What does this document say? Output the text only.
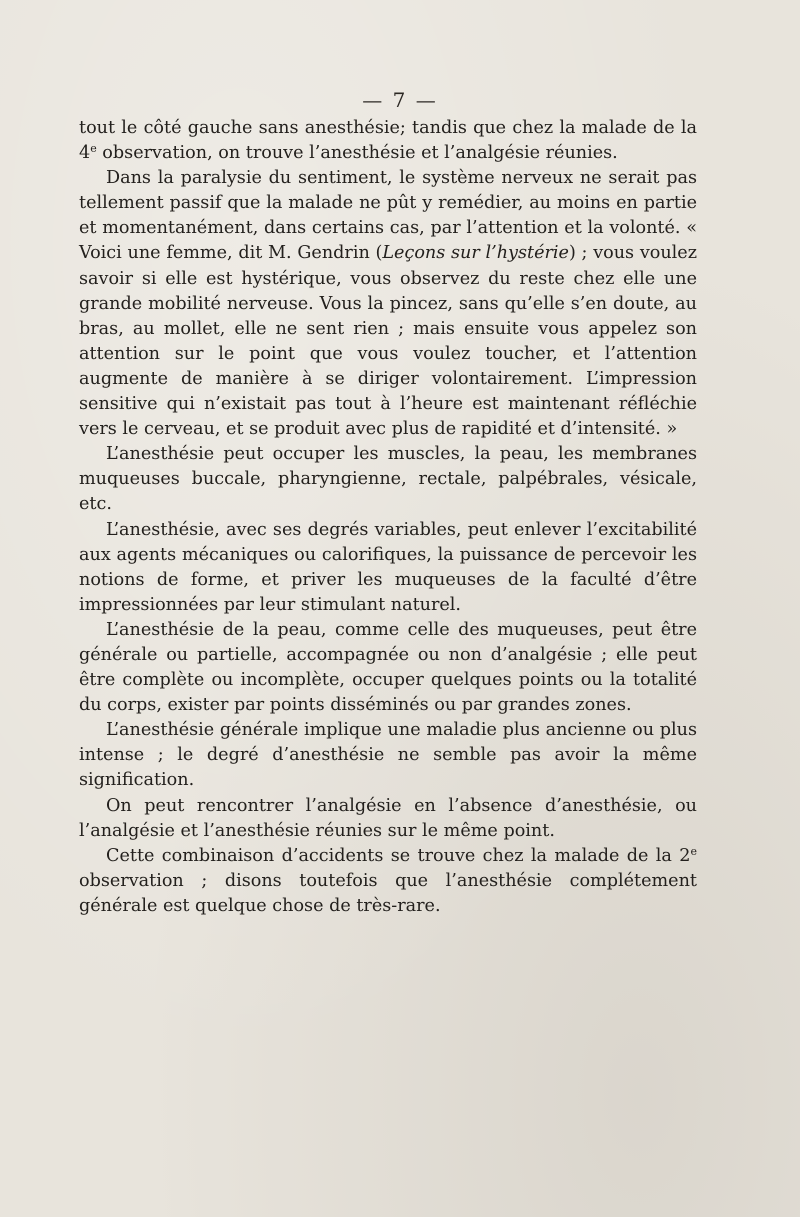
— 7 —

tout le côté gauche sans anesthésie; tandis que chez la malade de la 4e observation, on trouve l’anesthésie et l’analgésie réunies.

Dans la paralysie du sentiment, le système nerveux ne serait pas tellement passif que la malade ne pût y remédier, au moins en partie et momentanément, dans certains cas, par l’attention et la volonté. « Voici une femme, dit M. Gendrin (Leçons sur l’hystérie) ; vous voulez savoir si elle est hystérique, vous observez du reste chez elle une grande mobilité nerveuse. Vous la pincez, sans qu’elle s’en doute, au bras, au mollet, elle ne sent rien ; mais ensuite vous appelez son attention sur le point que vous voulez toucher, et l’attention augmente de manière à se diriger volontairement. L’impression sensitive qui n’existait pas tout à l’heure est maintenant réfléchie vers le cerveau, et se produit avec plus de rapidité et d’intensité. »

L’anesthésie peut occuper les muscles, la peau, les membranes muqueuses buccale, pharyngienne, rectale, palpébrales, vésicale, etc.

L’anesthésie, avec ses degrés variables, peut enlever l’excitabilité aux agents mécaniques ou calorifiques, la puissance de percevoir les notions de forme, et priver les muqueuses de la faculté d’être impressionnées par leur stimulant naturel.

L’anesthésie de la peau, comme celle des muqueuses, peut être générale ou partielle, accompagnée ou non d’analgésie ; elle peut être complète ou incomplète, occuper quelques points ou la totalité du corps, exister par points disséminés ou par grandes zones.

L’anesthésie générale implique une maladie plus ancienne ou plus intense ; le degré d’anesthésie ne semble pas avoir la même signification.

On peut rencontrer l’analgésie en l’absence d’anesthésie, ou l’analgésie et l’anesthésie réunies sur le même point.

Cette combinaison d’accidents se trouve chez la malade de la 2e observation ; disons toutefois que l’anesthésie complétement générale est quelque chose de très-rare.
